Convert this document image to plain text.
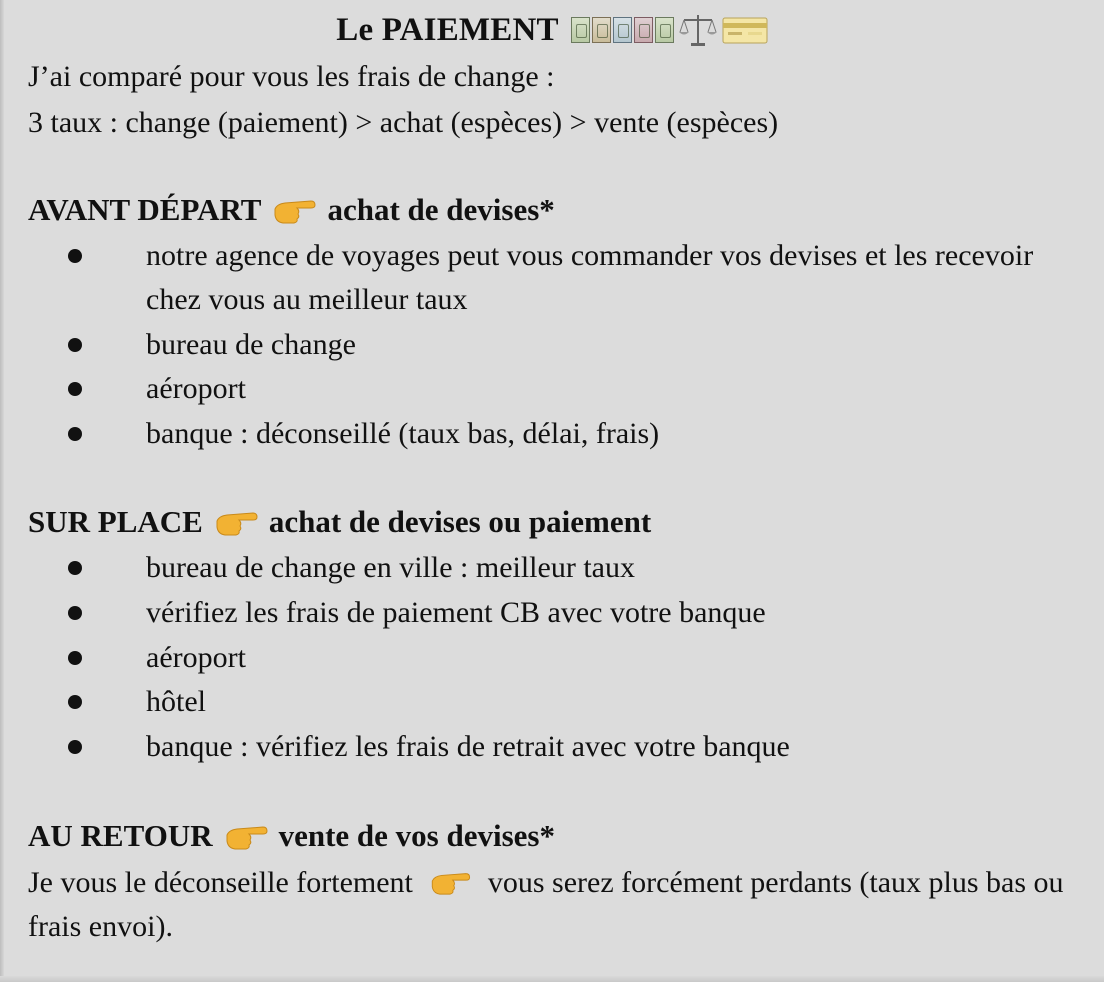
Le PAIEMENT
J’ai comparé pour vous les frais de change :
3 taux : change (paiement) > achat (espèces) > vente (espèces)
AVANT DÉPART achat de devises*
notre agence de voyages peut vous commander vos devises et les recevoir chez vous au meilleur taux
bureau de change
aéroport
banque : déconseillé (taux bas, délai, frais)
SUR PLACE achat de devises ou paiement
bureau de change en ville : meilleur taux
vérifiez les frais de paiement CB avec votre banque
aéroport
hôtel
banque : vérifiez les frais de retrait avec votre banque
AU RETOUR vente de vos devises*
Je vous le déconseille fortement	vous serez forcément perdants (taux plus bas ou frais envoi).
